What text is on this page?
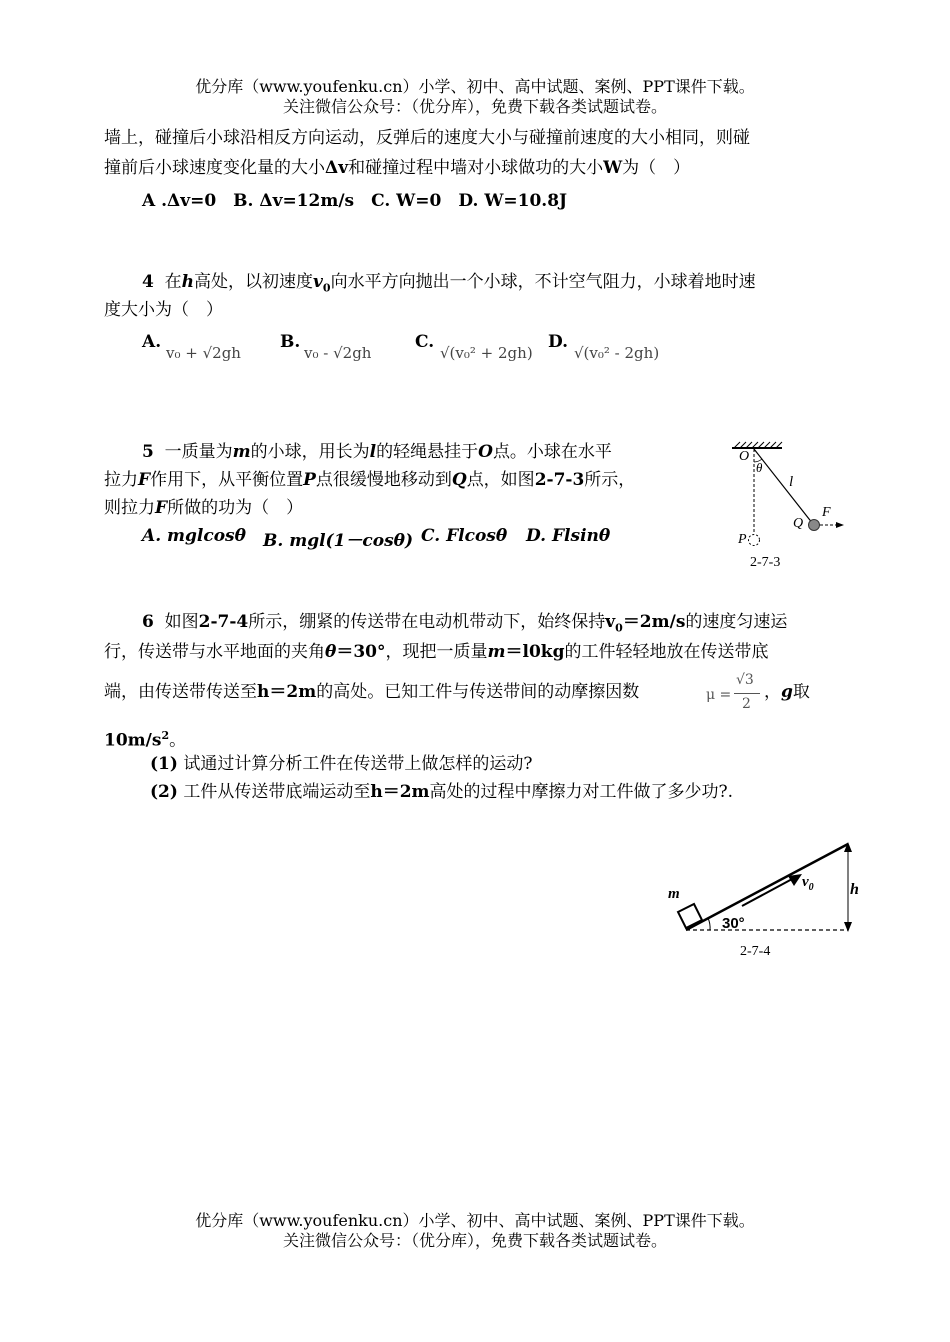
优分库（www.youfenku.cn）小学、初中、高中试题、案例、PPT课件下载。
关注微信公众号：（优分库），免费下载各类试题试卷。
墙上，碰撞后小球沿相反方向运动，反弹后的速度大小与碰撞前速度的大小相同，则碰
撞前后小球速度变化量的大小Δv和碰撞过程中墙对小球做功的大小W为（　）
A .Δv=0　B. Δv=12m/s　C. W=0　D. W=10.8J
4 在h高处，以初速度$v_0$向水平方向抛出一个小球，不计空气阻力，小球着地时速
度大小为（　）
A.
v₀ + √2gh
B.
v₀ - √2gh
C.
√(v₀² + 2gh)
D.
√(v₀² - 2gh)
5 一质量为m的小球，用长为l的轻绳悬挂于O点。小球在水平
拉力F作用下，从平衡位置P点很缓慢地移动到Q点，如图2-7-3所示，
则拉力F所做的功为（　）
A. mglcosθ B. mgl(1－cosθ) C. Flcosθ D. Flsinθ
O
θ
l
F
Q
P
2-7-3
6 如图2-7-4所示，绷紧的传送带在电动机带动下，始终保持$v_0=2m/s$的速度匀速运
行，传送带与水平地面的夹角θ＝30°，现把一质量m＝l0kg的工件轻轻地放在传送带底
端，由传送带传送至h＝2m的高处。已知工件与传送带间的动摩擦因数	μ =
√3
2
，g取
$10m/s^2$。
(1) 试通过计算分析工件在传送带上做怎样的运动?
(2) 工件从传送带底端运动至h＝2m高处的过程中摩擦力对工件做了多少功?.
m
$v_0$
30°
h
2-7-4
优分库（www.youfenku.cn）小学、初中、高中试题、案例、PPT课件下载。
关注微信公众号：（优分库），免费下载各类试题试卷。
